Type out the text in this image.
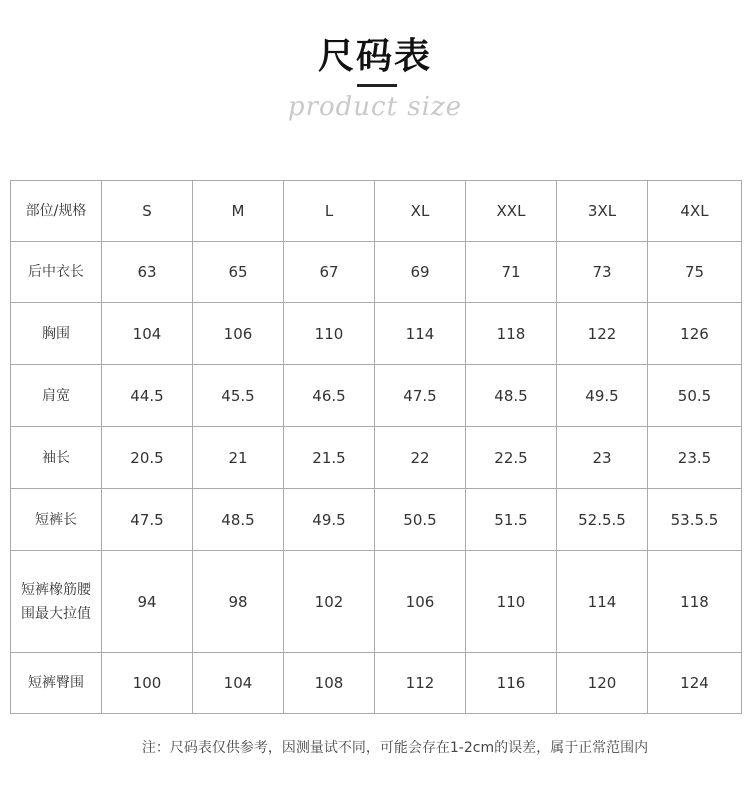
尺码表
product size
部位/规格	S	M	L	XL	XXL	3XL	4XL
后中衣长	63	65	67	69	71	73	75
胸围	104	106	110	114	118	122	126
肩宽	44.5	45.5	46.5	47.5	48.5	49.5	50.5
袖长	20.5	21	21.5	22	22.5	23	23.5
短裤长	47.5	48.5	49.5	50.5	51.5	52.5.5	53.5.5
短裤橡筋腰围最大拉值	94	98	102	106	110	114	118
短裤臀围	100	104	108	112	116	120	124
注：尺码表仅供参考，因测量试不同，可能会存在1-2cm的误差，属于正常范围内
